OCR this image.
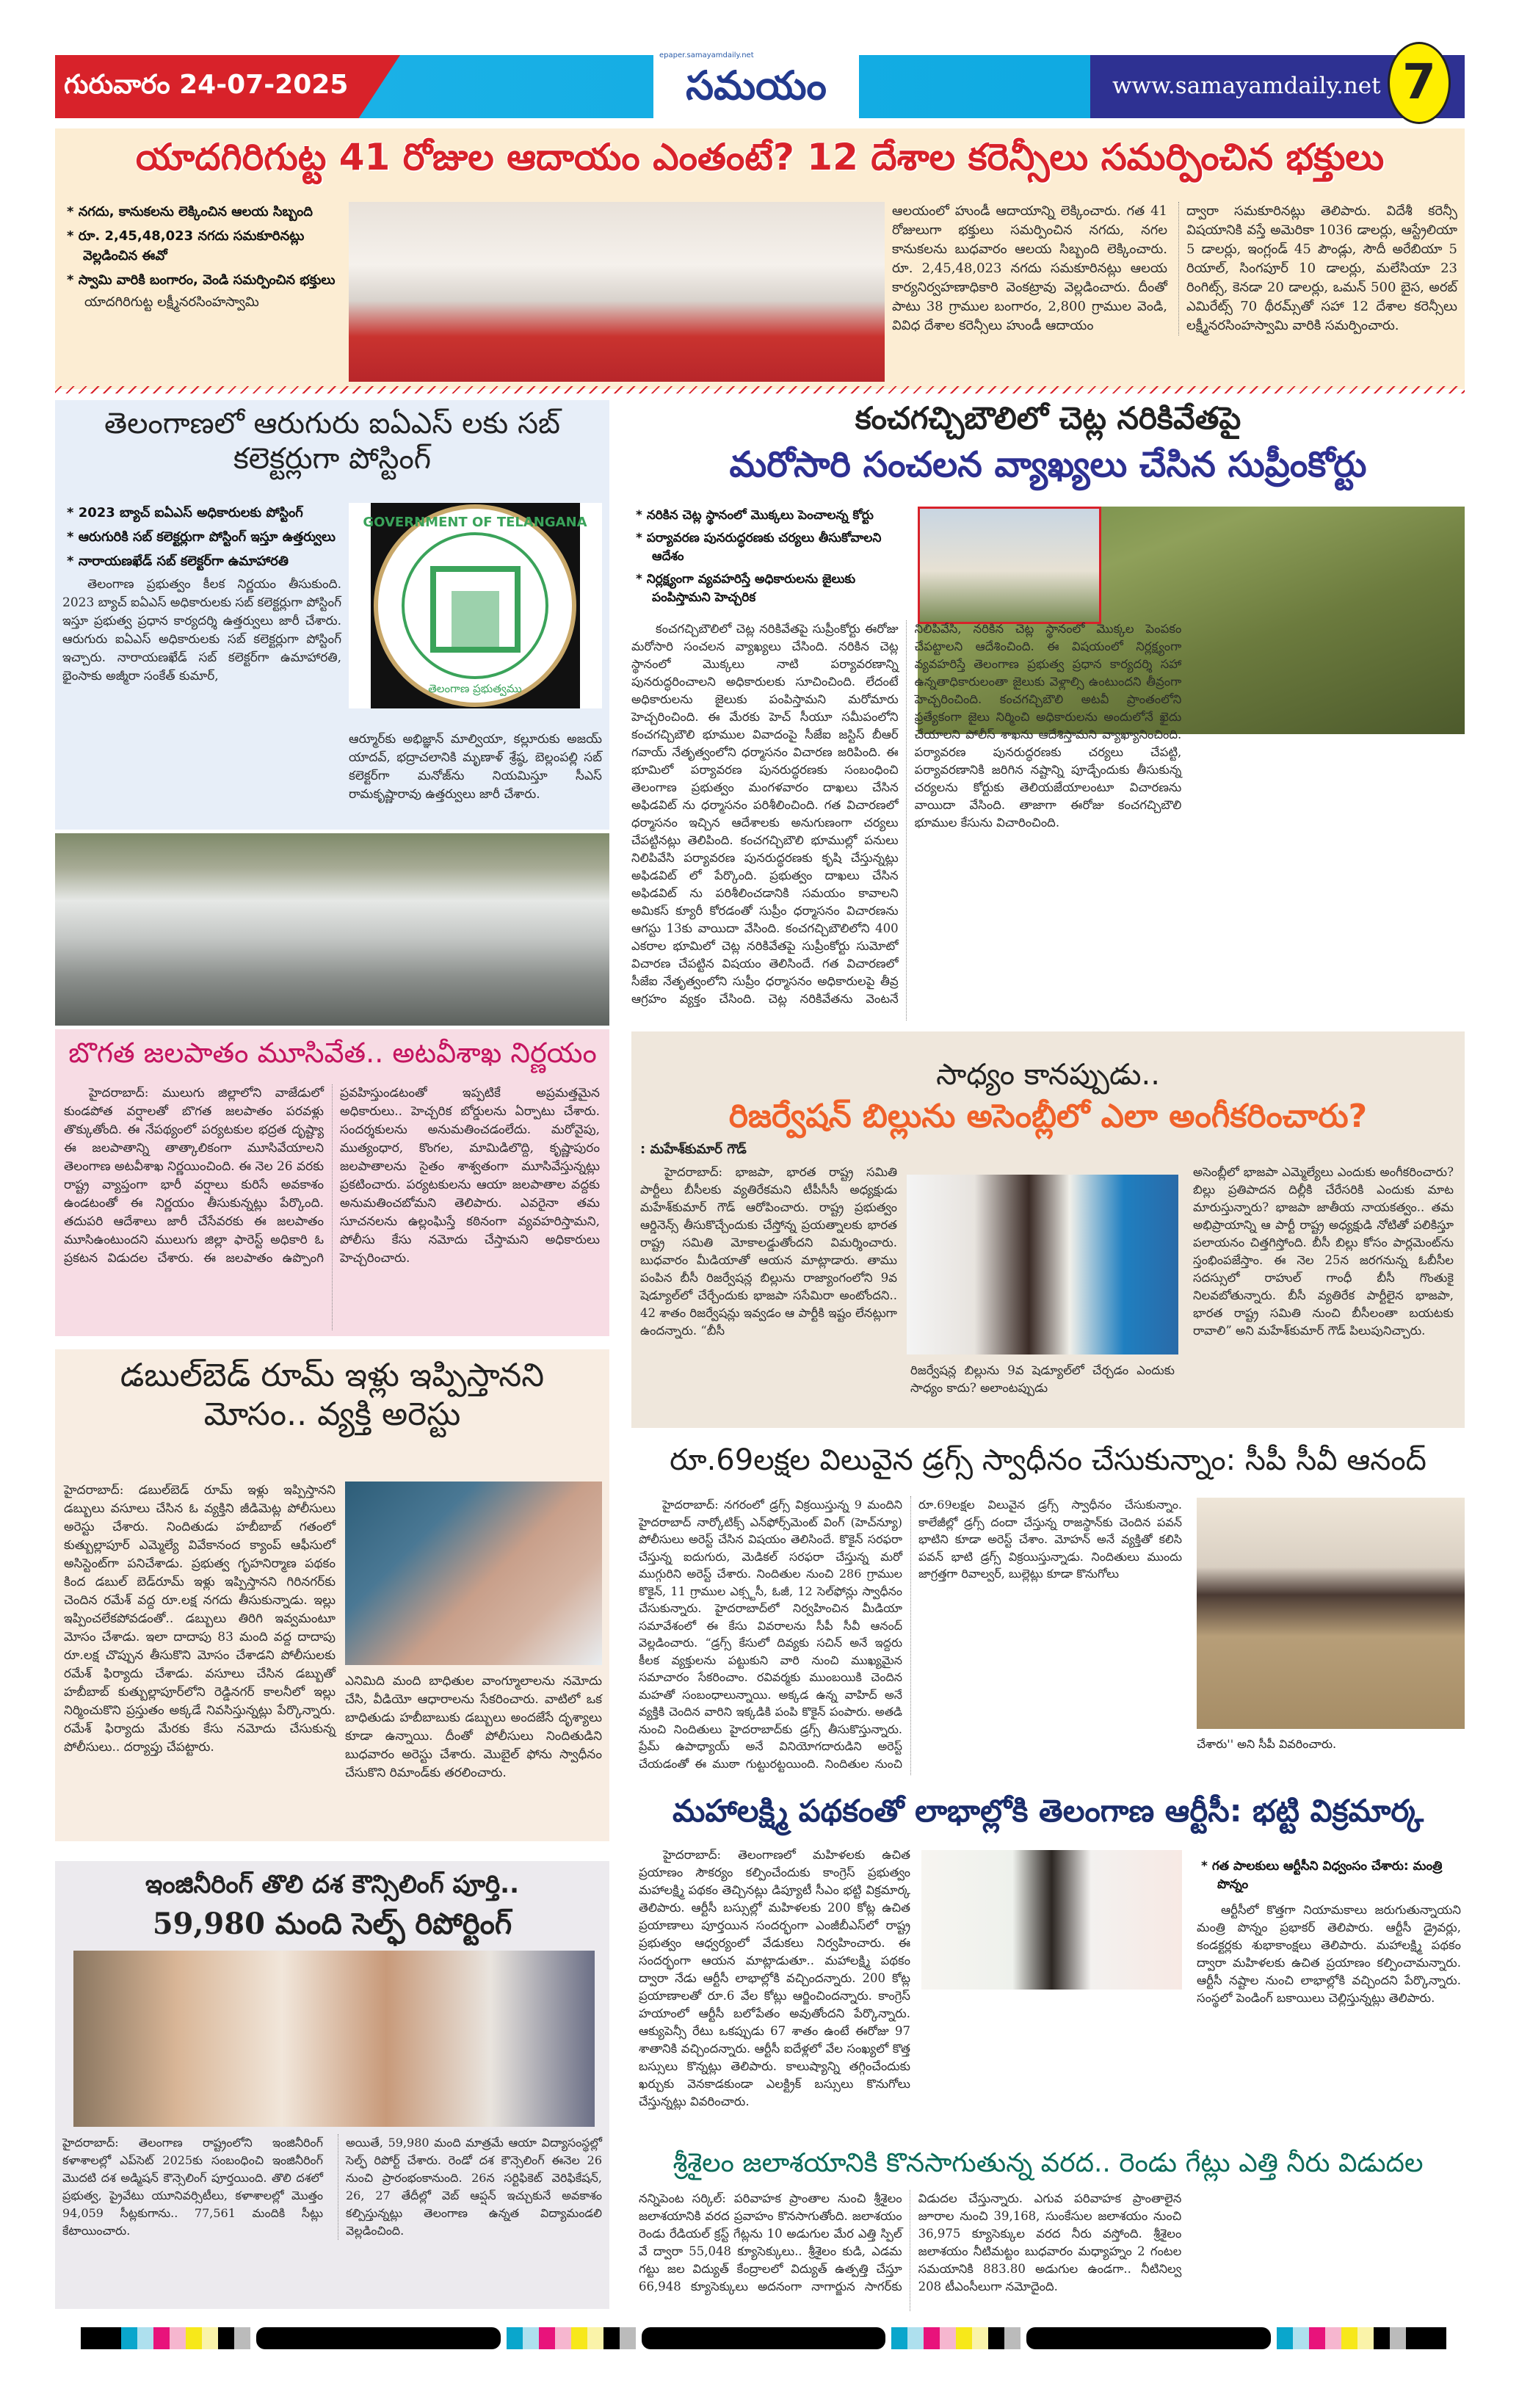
గురువారం 24-07-2025
epaper.samayamdaily.net
సమయం	www.samayamdaily.net 7
యాదగిరిగుట్ట 41 రోజుల ఆదాయం ఎంతంటే? 12 దేశాల కరెన్సీలు సమర్పించిన భక్తులు
* నగదు, కానుకలను లెక్కించిన ఆలయ సిబ్బంది
* రూ. 2,45,48,023 నగదు సమకూరినట్లు వెల్లడించిన ఈవో
* స్వామి వారికి బంగారం, వెండి సమర్పించిన భక్తులు
యాదగిరిగుట్ట లక్ష్మీనరసింహస్వామి
ఆలయంలో హుండీ ఆదాయాన్ని లెక్కించారు. గత 41 రోజులుగా భక్తులు సమర్పించిన నగదు, నగల కానుకలను బుధవారం ఆలయ సిబ్బంది లెక్కించారు. రూ. 2,45,48,023 నగదు సమకూరినట్లు ఆలయ కార్యనిర్వహణాధికారి వెంకట్రావు వెల్లడించారు. దీంతో పాటు 38 గ్రాముల బంగారం, 2,800 గ్రాముల వెండి, వివిధ దేశాల కరెన్సీలు హుండీ ఆదాయం
ద్వారా సమకూరినట్లు తెలిపారు. విదేశీ కరెన్సీ విషయానికి వస్తే అమెరికా 1036 డాలర్లు, ఆస్ట్రేలియా 5 డాలర్లు, ఇంగ్లండ్ 45 పౌండ్లు, సౌదీ అరేబియా 5 రియాల్, సింగపూర్ 10 డాలర్లు, మలేసియా 23 రింగిట్స్, కెనడా 20 డాలర్లు, ఒమన్ 500 బైస, అరబ్ ఎమిరేట్స్ 70 థీరమ్స్‌తో సహా 12 దేశాల కరెన్సీలు లక్ష్మీనరసింహస్వామి వారికి సమర్పించారు.
తెలంగాణలో ఆరుగురు ఐఏఎస్ లకు సబ్ కలెక్టర్లుగా పోస్టింగ్
* 2023 బ్యాచ్ ఐఏఎస్ అధికారులకు పోస్టింగ్
* ఆరుగురికి సబ్ కలెక్టర్లుగా పోస్టింగ్ ఇస్తూ ఉత్తర్వులు
* నారాయణఖేడ్ సబ్ కలెక్టర్‌గా ఉమాహారతి
తెలంగాణ ప్రభుత్వం కీలక నిర్ణయం తీసుకుంది. 2023 బ్యాచ్ ఐఏఎస్ అధికారులకు సబ్ కలెక్టర్లుగా పోస్టింగ్ ఇస్తూ ప్రభుత్వ ప్రధాన కార్యదర్శి ఉత్తర్వులు జారీ చేశారు. ఆరుగురు ఐఏఎస్ అధికారులకు సబ్ కలెక్టర్లుగా పోస్టింగ్ ఇచ్చారు. నారాయణఖేడ్ సబ్ కలెక్టర్‌గా ఉమాహారతి, భైంసాకు అజ్మీరా సంకేత్ కుమార్,
GOVERNMENT OF TELANGANA
తెలంగాణ ప్రభుత్వము
ఆర్మూర్‌కు అభిజ్ఞాన్ మాల్వియా, కల్లూరుకు అజయ్ యాదవ్, భద్రాచలానికి మృణాళ్ శ్రేష్ఠ, బెల్లంపల్లి సబ్ కలెక్టర్‌గా మనోజ్‌ను నియమిస్తూ సీఎస్ రామకృష్ణారావు ఉత్తర్వులు జారీ చేశారు.
బొగత జలపాతం మూసివేత.. అటవీశాఖ నిర్ణయం
హైదరాబాద్: ములుగు జిల్లాలోని వాజేడులో కుండపోత వర్షాలతో బొగత జలపాతం పరవళ్లు తొక్కుతోంది. ఈ నేపథ్యంలో పర్యటకుల భద్రత దృష్ట్యా ఈ జలపాతాన్ని తాత్కాలికంగా మూసివేయాలని తెలంగాణ అటవీశాఖ నిర్ణయించింది. ఈ నెల 26 వరకు రాష్ట్ర వ్యాప్తంగా భారీ వర్షాలు కురిసే అవకాశం ఉండటంతో ఈ నిర్ణయం తీసుకున్నట్లు పేర్కొంది. తదుపరి ఆదేశాలు జారీ చేసేవరకు ఈ జలపాతం మూసిఉంటుందని ములుగు జిల్లా ఫారెస్ట్ అధికారి ఓ ప్రకటన విడుదల చేశారు. ఈ జలపాతం ఉప్పొంగి ప్రవహిస్తుండటంతో ఇప్పటికే అప్రమత్తమైన అధికారులు.. హెచ్చరిక బోర్డులను ఏర్పాటు చేశారు. సందర్శకులను అనుమతించడంలేదు. మరోవైపు, ముత్యంధార, కొంగల, మామిడిలొద్ది, కృష్ణాపురం జలపాతాలను సైతం శాశ్వతంగా మూసివేస్తున్నట్లు ప్రకటించారు. పర్యటకులను ఆయా జలపాతాల వద్దకు అనుమతించబోమని తెలిపారు. ఎవరైనా తమ సూచనలను ఉల్లంఘిస్తే కఠినంగా వ్యవహరిస్తామని, పోలీసు కేసు నమోదు చేస్తామని అధికారులు హెచ్చరించారు.
డబుల్‌బెడ్ రూమ్ ఇళ్లు ఇప్పిస్తానని మోసం.. వ్యక్తి అరెస్టు
హైదరాబాద్: డబుల్‌బెడ్ రూమ్ ఇళ్లు ఇప్పిస్తానని డబ్బులు వసూలు చేసిన ఓ వ్యక్తిని జీడిమెట్ల పోలీసులు అరెస్టు చేశారు. నిందితుడు హబీబాబ్ గతంలో కుత్బుల్లాపూర్ ఎమ్మెల్యే వివేకానంద క్యాంప్ ఆఫీసులో అసిస్టెంట్‌గా పనిచేశాడు. ప్రభుత్వ గృహనిర్మాణ పథకం కింద డబుల్ బెడ్‌రూమ్ ఇళ్లు ఇప్పిస్తానని గిరినగర్‌కు చెందిన రమేశ్ వద్ద రూ.లక్ష నగదు తీసుకున్నాడు. ఇల్లు ఇప్పించలేకపోవడంతో.. డబ్బులు తిరిగి ఇవ్వమంటూ మోసం చేశాడు. ఇలా దాదాపు 83 మంది వద్ద దాదాపు రూ.లక్ష చొప్పున తీసుకొని మోసం చేశాడని పోలీసులకు రమేశ్ ఫిర్యాదు చేశాడు. వసూలు చేసిన డబ్బుతో హబీబాబ్ కుత్బుల్లాపూర్‌లోని రెడ్డినగర్ కాలనీలో ఇల్లు నిర్మించుకొని ప్రస్తుతం అక్కడే నివసిస్తున్నట్లు పేర్కొన్నారు. రమేశ్ ఫిర్యాదు మేరకు కేసు నమోదు చేసుకున్న పోలీసులు.. దర్యాప్తు చేపట్టారు.
ఎనిమిది మంది బాధితుల వాంగ్మూలాలను నమోదు చేసి, వీడియో ఆధారాలను సేకరించారు. వాటిలో ఒక బాధితుడు హబీబాబుకు డబ్బులు అందజేసే దృశ్యాలు కూడా ఉన్నాయి. దీంతో పోలీసులు నిందితుడిని బుధవారం అరెస్టు చేశారు. మొబైల్ ఫోను స్వాధీనం చేసుకొని రిమాండ్‌కు తరలించారు.
ఇంజినీరింగ్ తొలి దశ కౌన్సిలింగ్ పూర్తి..
59,980 మంది సెల్ఫ్ రిపోర్టింగ్
హైదరాబాద్: తెలంగాణ రాష్ట్రంలోని ఇంజినీరింగ్ కళాశాలల్లో ఎప్‌సెట్ 2025కు సంబంధించి ఇంజినీరింగ్ మొదటి దశ అడ్మిషన్ కౌన్సెలింగ్ పూర్తయింది. తొలి దశలో ప్రభుత్వ, ప్రైవేటు యూనివర్సిటీలు, కళాశాలల్లో మొత్తం 94,059 సీట్లకుగాను.. 77,561 మందికి సీట్లు కేటాయించారు.
అయితే, 59,980 మంది మాత్రమే ఆయా విద్యాసంస్థల్లో సెల్ఫ్ రిపోర్ట్ చేశారు. రెండో దశ కౌన్సెలింగ్ ఈనెల 26 నుంచి ప్రారంభంకానుంది. 26న సర్టిఫికెట్ వెరిఫికేషన్, 26, 27 తేదీల్లో వెబ్ ఆప్షన్ ఇచ్చుకునే అవకాశం కల్పిస్తున్నట్లు తెలంగాణ ఉన్నత విద్యామండలి వెల్లడించింది.
కంచగచ్చిబౌలిలో చెట్ల నరికివేతపై
మరోసారి సంచలన వ్యాఖ్యలు చేసిన సుప్రీంకోర్టు
* నరికిన చెట్ల స్థానంలో మొక్కలు పెంచాలన్న కోర్టు
* పర్యావరణ పునరుద్ధరణకు చర్యలు తీసుకోవాలని ఆదేశం
* నిర్లక్ష్యంగా వ్యవహరిస్తే అధికారులను జైలుకు పంపిస్తామని హెచ్చరిక
కంచగచ్చిబౌలిలో చెట్ల నరికివేతపై సుప్రీంకోర్టు ఈరోజు మరోసారి సంచలన వ్యాఖ్యలు చేసింది. నరికిన చెట్ల స్థానంలో మొక్కలు నాటి పర్యావరణాన్ని పునరుద్ధరించాలని అధికారులకు సూచించింది. లేదంటే అధికారులను జైలుకు పంపిస్తామని మరోమారు హెచ్చరించింది. ఈ మేరకు హెచ్ సీయూ సమీపంలోని కంచగచ్చిబౌలి భూముల వివాదంపై సీజేఐ జస్టిస్ బీఆర్ గవాయ్ నేతృత్వంలోని ధర్మాసనం విచారణ జరిపింది. ఈ భూమిలో పర్యావరణ పునరుద్ధరణకు సంబంధించి తెలంగాణ ప్రభుత్వం మంగళవారం దాఖలు చేసిన అఫిడవిట్ ను ధర్మాసనం పరిశీలించింది. గత విచారణలో ధర్మాసనం ఇచ్చిన ఆదేశాలకు అనుగుణంగా చర్యలు చేపట్టినట్లు తెలిపింది. కంచగచ్చిబౌలి భూముల్లో పనులు నిలిపివేసి పర్యావరణ పునరుద్ధరణకు కృషి చేస్తున్నట్లు అఫిడవిట్ లో పేర్కొంది. ప్రభుత్వం దాఖలు చేసిన అఫిడవిట్ ను పరిశీలించడానికి సమయం కావాలని అమికస్ క్యూరీ కోరడంతో సుప్రీం ధర్మాసనం విచారణను ఆగస్టు 13కు వాయిదా వేసింది. కంచగచ్చిబౌలిలోని 400 ఎకరాల భూమిలో చెట్ల నరికివేతపై సుప్రీంకోర్టు సుమోటో విచారణ చేపట్టిన విషయం తెలిసిందే. గత విచారణలో సీజేఐ నేతృత్వంలోని సుప్రీం ధర్మాసనం అధికారులపై తీవ్ర ఆగ్రహం వ్యక్తం చేసింది. చెట్ల నరికివేతను వెంటనే నిలిపివేసి, నరికిన చెట్ల స్థానంలో మొక్కల పెంపకం చేపట్టాలని ఆదేశించింది. ఈ విషయంలో నిర్లక్ష్యంగా వ్యవహరిస్తే తెలంగాణ ప్రభుత్వ ప్రధాన కార్యదర్శి సహా ఉన్నతాధికారులంతా జైలుకు వెళ్లాల్సి ఉంటుందని తీవ్రంగా హెచ్చరించింది. కంచగచ్చిబౌలి అటవీ ప్రాంతంలోని ప్రత్యేకంగా జైలు నిర్మించి అధికారులను అందులోనే ఖైదు చేయాలని పోలీస్ శాఖను ఆదేశిస్తామని వ్యాఖ్యానించింది. పర్యావరణ పునరుద్ధరణకు చర్యలు చేపట్టి, పర్యావరణానికి జరిగిన నష్టాన్ని పూడ్చేందుకు తీసుకున్న చర్యలను కోర్టుకు తెలియజేయాలంటూ విచారణను వాయిదా వేసింది. తాజాగా ఈరోజు కంచగచ్చిబౌలి భూముల కేసును విచారించింది.
సాధ్యం కానప్పుడు..
రిజర్వేషన్ బిల్లును అసెంబ్లీలో ఎలా అంగీకరించారు?
: మహేశ్‌కుమార్ గౌడ్
హైదరాబాద్: భాజపా, భారత రాష్ట్ర సమితి పార్టీలు బీసీలకు వ్యతిరేకమని టీపీసీసీ అధ్యక్షుడు మహేశ్‌కుమార్ గౌడ్ ఆరోపించారు. రాష్ట్ర ప్రభుత్వం ఆర్డినెన్స్ తీసుకొచ్చేందుకు చేస్తోన్న ప్రయత్నాలకు భారత రాష్ట్ర సమితి మోకాలడ్డుతోందని విమర్శించారు. బుధవారం మీడియాతో ఆయన మాట్లాడారు. తాము పంపిన బీసీ రిజర్వేషన్ల బిల్లును రాజ్యాంగంలోని 9వ షెడ్యూల్‌లో చేర్చేందుకు భాజపా ససేమిరా అంటోందని.. 42 శాతం రిజర్వేషన్లు ఇవ్వడం ఆ పార్టీకి ఇష్టం లేనట్లుగా ఉందన్నారు. “బీసీ
రిజర్వేషన్ల బిల్లును 9వ షెడ్యూల్‌లో చేర్చడం ఎందుకు సాధ్యం కాదు? అలాంటప్పుడు
అసెంబ్లీలో భాజపా ఎమ్మెల్యేలు ఎందుకు అంగీకరించారు? బిల్లు ప్రతిపాదన దిల్లీకి చేరేసరికి ఎందుకు మాట మారుస్తున్నారు? భాజపా జాతీయ నాయకత్వం.. తమ అభిప్రాయాన్ని ఆ పార్టీ రాష్ట్ర అధ్యక్షుడి నోటితో పలికిస్తూ పలాయనం చిత్తగిస్తోంది. బీసీ బిల్లు కోసం పార్లమెంట్‌ను స్తంభింపజేస్తాం. ఈ నెల 25న జరగనున్న ఓబీసీల సదస్సులో రాహుల్ గాంధీ బీసీ గొంతుకై నిలవబోతున్నారు. బీసీ వ్యతిరేక పార్టీలైన భాజపా, భారత రాష్ట్ర సమితి నుంచి బీసీలంతా బయటకు రావాలి” అని మహేశ్‌కుమార్ గౌడ్ పిలుపునిచ్చారు.
రూ.69లక్షల విలువైన డ్రగ్స్ స్వాధీనం చేసుకున్నాం: సీపీ సీవీ ఆనంద్
హైదరాబాద్: నగరంలో డ్రగ్స్ విక్రయిస్తున్న 9 మందిని హైదరాబాద్ నార్కోటిక్స్ ఎన్‌ఫోర్స్‌మెంట్ వింగ్ (హెచ్‌న్యూ) పోలీసులు అరెస్ట్ చేసిన విషయం తెలిసిందే. కొకైన్ సరఫరా చేస్తున్న ఐదుగురు, మెడికల్ సరఫరా చేస్తున్న మరో ముగ్గురిని అరెస్ట్ చేశారు. నిందితుల నుంచి 286 గ్రాముల కొకైన్, 11 గ్రాముల ఎక్స్టసీ, ఓజీ, 12 సెల్‌ఫోన్లు స్వాధీనం చేసుకున్నారు. హైదరాబాద్‌లో నిర్వహించిన మీడియా సమావేశంలో ఈ కేసు వివరాలను సీపీ సీవీ ఆనంద్ వెల్లడించారు. “డ్రగ్స్ కేసులో దివ్యకు సచిన్ అనే ఇద్దరు కీలక వ్యక్తులను పట్టుకుని వారి నుంచి ముఖ్యమైన సమాచారం సేకరించాం. రవివర్మకు ముంబయికి చెందిన మహతో సంబంధాలున్నాయి. అక్కడ ఉన్న వాహిద్ అనే వ్యక్తికి చెందిన వారిని ఇక్కడికి పంపి కొకైన్ పంపారు. అతడి నుంచి నిందితులు హైదరాబాద్‌కు డ్రగ్స్ తీసుకొస్తున్నారు. ప్రేమ్ ఉపాధ్యాయ్ అనే వినియోగదారుడిని అరెస్ట్ చేయడంతో ఈ ముఠా గుట్టురట్టయింది. నిందితుల నుంచి రూ.69లక్షల విలువైన డ్రగ్స్ స్వాధీనం చేసుకున్నాం. కాలేజీల్లో డ్రగ్స్ దందా చేస్తున్న రాజస్థాన్‌కు చెందిన పవన్ భాటిని కూడా అరెస్ట్ చేశాం. మోహన్ అనే వ్యక్తితో కలిసి పవన్ భాటి డ్రగ్స్ విక్రయిస్తున్నాడు. నిందితులు ముందు జాగ్రత్తగా రివాల్వర్, బుల్లెట్లు కూడా కొనుగోలు
చేశారు'' అని సీపీ వివరించారు.
మహాలక్ష్మి పథకంతో లాభాల్లోకి తెలంగాణ ఆర్టీసీ: భట్టి విక్రమార్క
హైదరాబాద్: తెలంగాణలో మహిళలకు ఉచిత ప్రయాణం సౌకర్యం కల్పించేందుకు కాంగ్రెస్ ప్రభుత్వం మహాలక్ష్మి పథకం తెచ్చినట్లు డిప్యూటీ సీఎం భట్టి విక్రమార్క తెలిపారు. ఆర్టీసీ బస్సుల్లో మహిళలకు 200 కోట్ల ఉచిత ప్రయాణాలు పూర్తయిన సందర్భంగా ఎంజీబీఎస్‌లో రాష్ట్ర ప్రభుత్వం ఆధ్వర్యంలో వేడుకలు నిర్వహించారు. ఈ సందర్భంగా ఆయన మాట్లాడుతూ.. మహాలక్ష్మి పథకం ద్వారా నేడు ఆర్టీసీ లాభాల్లోకి వచ్చిందన్నారు. 200 కోట్ల ప్రయాణాలతో రూ.6 వేల కోట్లు ఆర్జించిందన్నారు. కాంగ్రెస్ హయాంలో ఆర్టీసీ బలోపేతం అవుతోందని పేర్కొన్నారు. ఆక్యుపెన్సీ రేటు ఒకప్పుడు 67 శాతం ఉంటే ఈరోజు 97 శాతానికి వచ్చిందన్నారు. ఆర్టీసీ ఐదేళ్లలో వేల సంఖ్యలో కొత్త బస్సులు కొన్నట్లు తెలిపారు. కాలుష్యాన్ని తగ్గించేందుకు ఖర్చుకు వెనకాడకుండా ఎలక్ట్రిక్ బస్సులు కొనుగోలు చేస్తున్నట్లు వివరించారు.
* గత పాలకులు ఆర్టీసీని విధ్వంసం చేశారు: మంత్రి పొన్నం
ఆర్టీసీలో కొత్తగా నియామకాలు జరుగుతున్నాయని మంత్రి పొన్నం ప్రభాకర్ తెలిపారు. ఆర్టీసీ డ్రైవర్లు, కండక్టర్లకు శుభాకాంక్షలు తెలిపారు. మహాలక్ష్మి పథకం ద్వారా మహిళలకు ఉచిత ప్రయాణం కల్పించామన్నారు. ఆర్టీసీ నష్టాల నుంచి లాభాల్లోకి వచ్చిందని పేర్కొన్నారు. సంస్థలో పెండింగ్ బకాయిలు చెల్లిస్తున్నట్లు తెలిపారు.
శ్రీశైలం జలాశయానికి కొనసాగుతున్న వరద.. రెండు గేట్లు ఎత్తి నీరు విడుదల
నన్నిపెంట సర్కిల్: పరివాహక ప్రాంతాల నుంచి శ్రీశైలం జలాశయానికి వరద ప్రవాహం కొనసాగుతోంది. జలాశయం రెండు రేడియల్ క్రస్ట్ గేట్లను 10 అడుగుల మేర ఎత్తి స్పిల్ వే ద్వారా 55,048 క్యూసెక్కులు.. శ్రీశైలం కుడి, ఎడమ గట్టు జల విద్యుత్ కేంద్రాలలో విద్యుత్ ఉత్పత్తి చేస్తూ 66,948 క్యూసెక్కులు అదనంగా నాగార్జున సాగర్‌కు విడుదల చేస్తున్నారు. ఎగువ పరివాహక ప్రాంతాలైన జూరాల నుంచి 39,168, సుంకేసుల జలాశయం నుంచి 36,975 క్యూసెక్కుల వరద నీరు వస్తోంది. శ్రీశైలం జలాశయం నీటిమట్టం బుధవారం మధ్యాహ్నం 2 గంటల సమయానికి 883.80 అడుగుల ఉండగా.. నీటినిల్వ 208 టీఎంసీలుగా నమోదైంది.
